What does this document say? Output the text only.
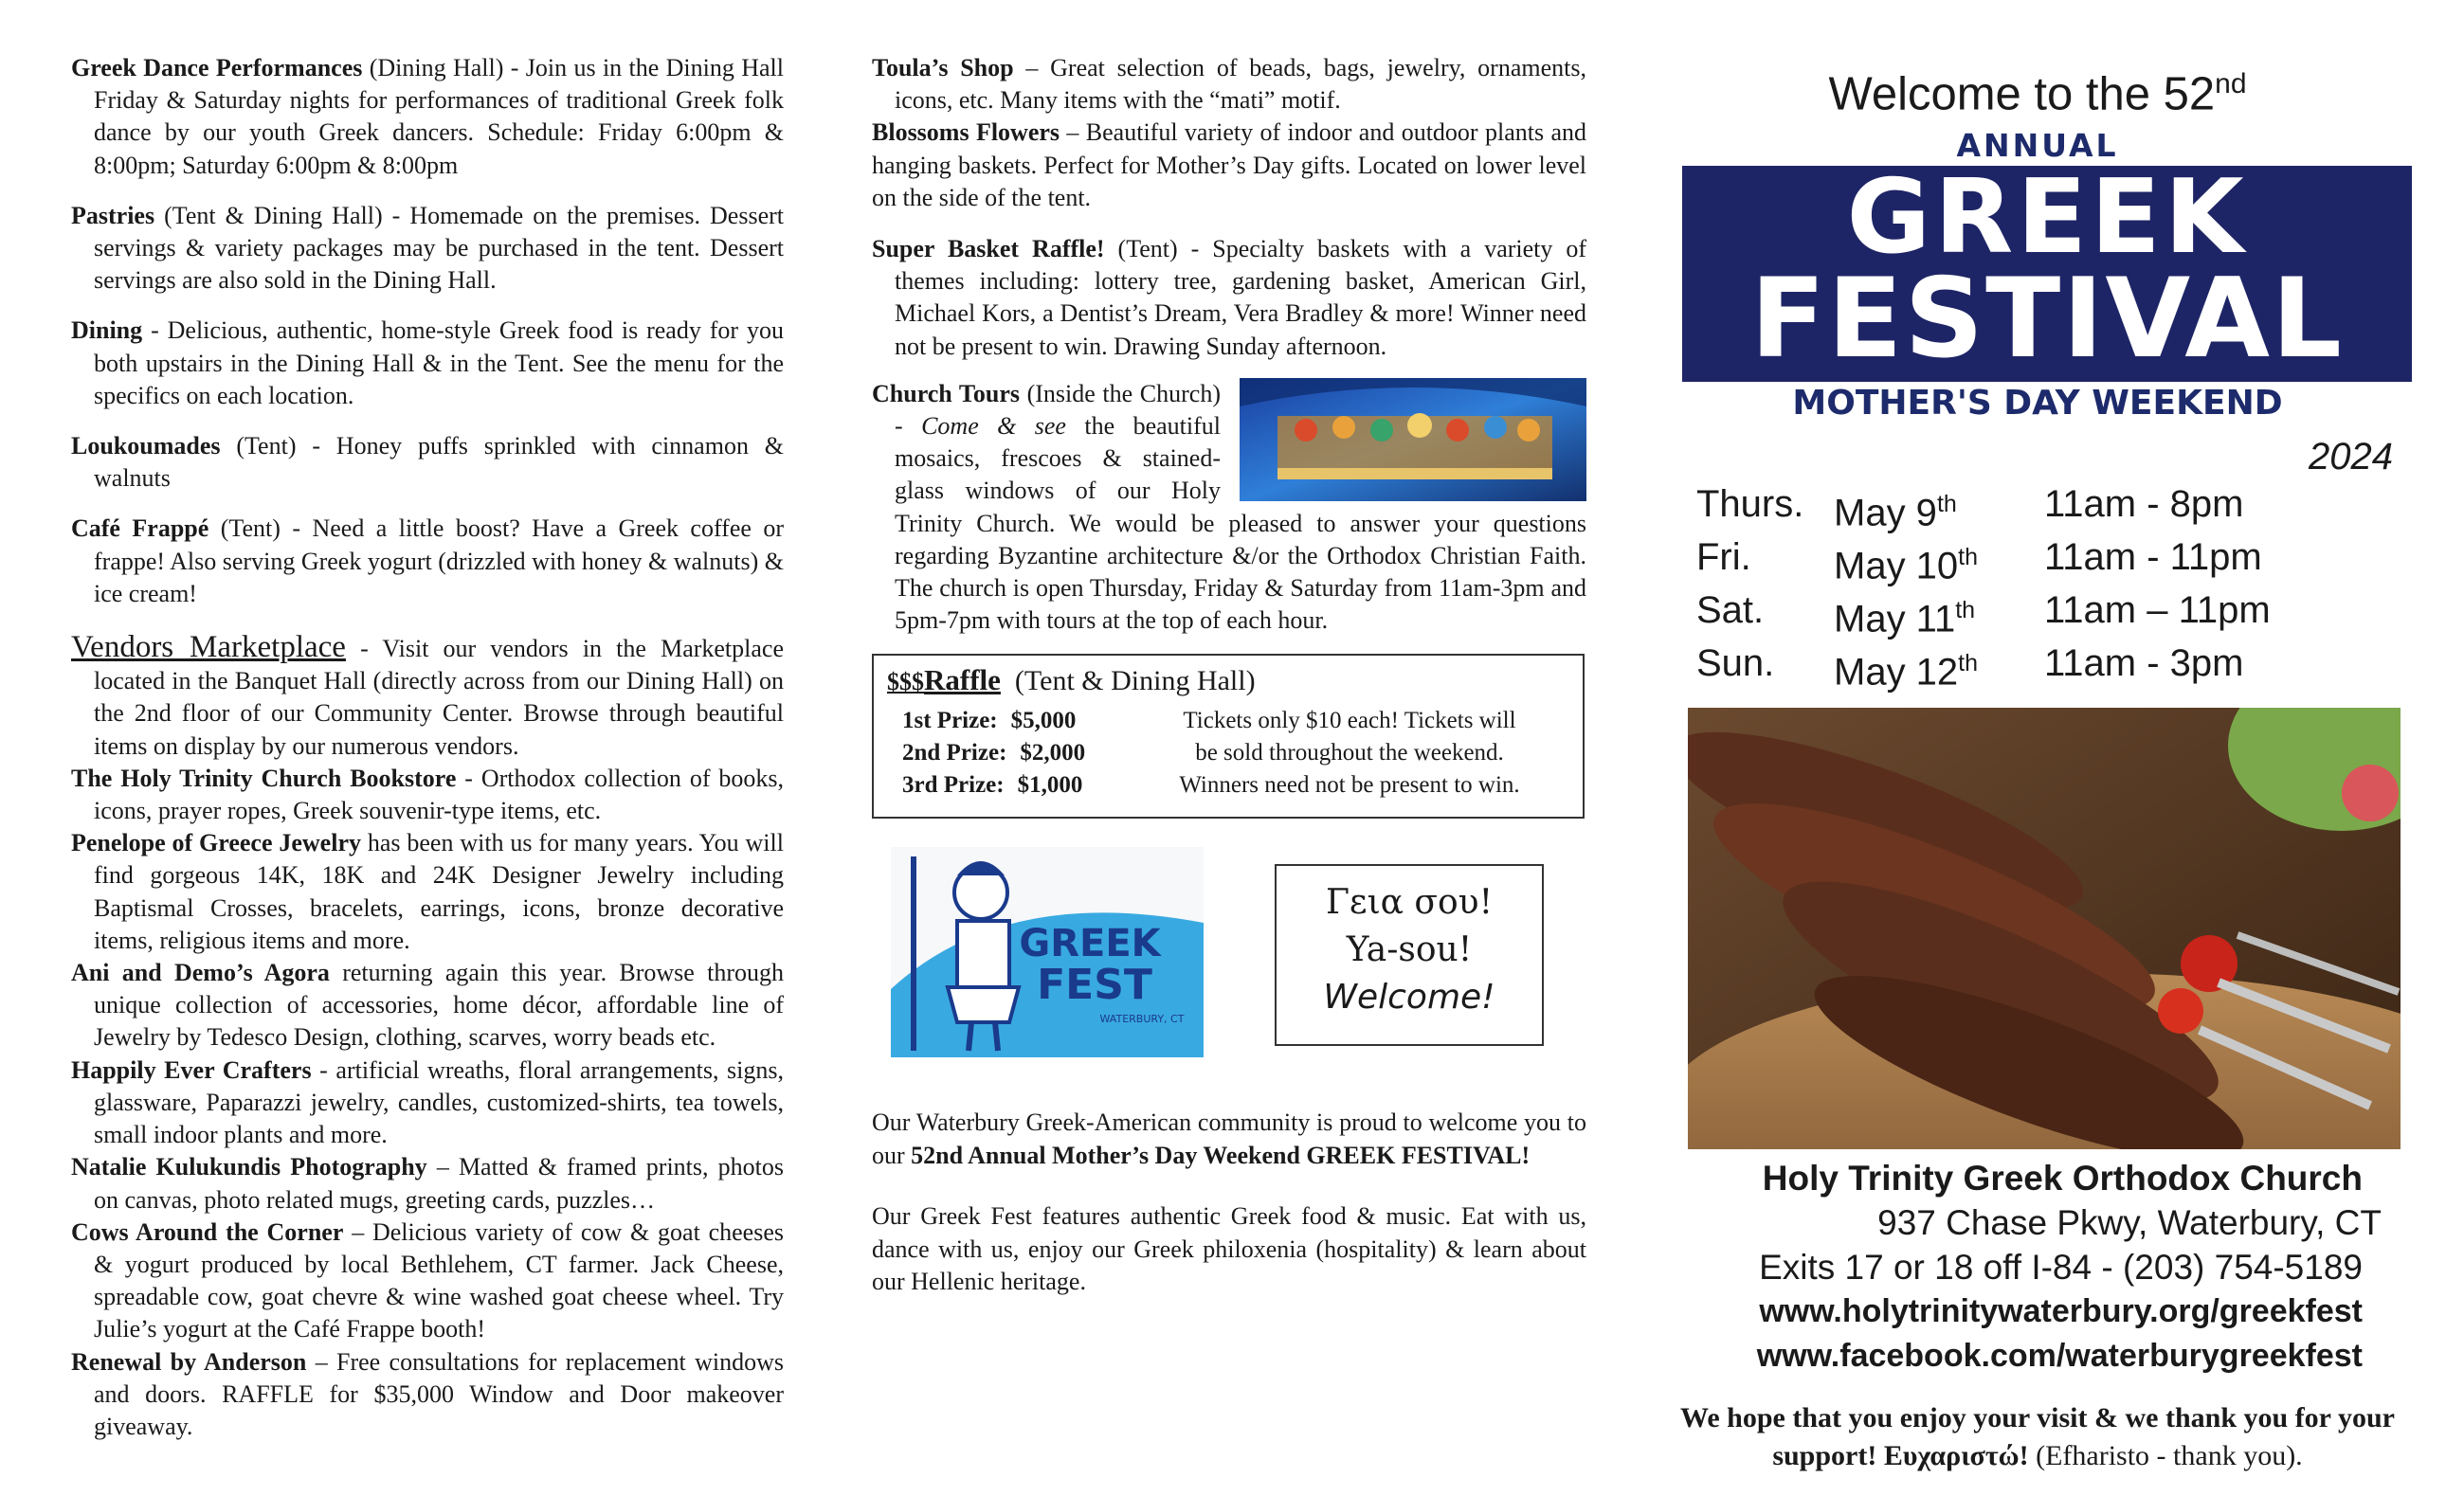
Greek Dance Performances (Dining Hall) - Join us in the Dining Hall Friday & Saturday nights for performances of traditional Greek folk dance by our youth Greek dancers. Schedule: Friday 6:00pm & 8:00pm; Saturday 6:00pm & 8:00pm

Pastries (Tent & Dining Hall) - Homemade on the premises. Dessert servings & variety packages may be purchased in the tent. Dessert servings are also sold in the Dining Hall.

Dining - Delicious, authentic, home-style Greek food is ready for you both upstairs in the Dining Hall & in the Tent. See the menu for the specifics on each location.

Loukoumades (Tent) - Honey puffs sprinkled with cinnamon & walnuts

Café Frappé (Tent) - Need a little boost? Have a Greek coffee or frappe! Also serving Greek yogurt (drizzled with honey & walnuts) & ice cream!

Vendors Marketplace - Visit our vendors in the Marketplace located in the Banquet Hall (directly across from our Dining Hall) on the 2nd floor of our Community Center. Browse through beautiful items on display by our numerous vendors.

The Holy Trinity Church Bookstore - Orthodox collection of books, icons, prayer ropes, Greek souvenir-type items, etc.

Penelope of Greece Jewelry has been with us for many years. You will find gorgeous 14K, 18K and 24K Designer Jewelry including Baptismal Crosses, bracelets, earrings, icons, bronze decorative items, religious items and more.

Ani and Demo’s Agora returning again this year. Browse through unique collection of accessories, home décor, affordable line of Jewelry by Tedesco Design, clothing, scarves, worry beads etc.

Happily Ever Crafters - artificial wreaths, floral arrangements, signs, glassware, Paparazzi jewelry, candles, customized-shirts, tea towels, small indoor plants and more.

Natalie Kulukundis Photography – Matted & framed prints, photos on canvas, photo related mugs, greeting cards, puzzles…

Cows Around the Corner – Delicious variety of cow & goat cheeses & yogurt produced by local Bethlehem, CT farmer. Jack Cheese, spreadable cow, goat chevre & wine washed goat cheese wheel. Try Julie’s yogurt at the Café Frappe booth!

Renewal by Anderson – Free consultations for replacement windows and doors. RAFFLE for $35,000 Window and Door makeover giveaway.

Toula’s Shop – Great selection of beads, bags, jewelry, ornaments, icons, etc. Many items with the “mati” motif.

Blossoms Flowers – Beautiful variety of indoor and outdoor plants and hanging baskets. Perfect for Mother’s Day gifts. Located on lower level on the side of the tent.

Super Basket Raffle! (Tent) - Specialty baskets with a variety of themes including: lottery tree, gardening basket, American Girl, Michael Kors, a Dentist’s Dream, Vera Bradley & more! Winner need not be present to win. Drawing Sunday afternoon.

Church Tours (Inside the Church) - Come & see the beautiful mosaics, frescoes & stained-glass windows of our Holy Trinity Church. We would be pleased to answer your questions regarding Byzantine architecture &/or the Orthodox Christian Faith. The church is open Thursday, Friday & Saturday from 11am-3pm and 5pm-7pm with tours at the top of each hour.

$$$Raffle (Tent & Dining Hall)
1st Prize: $5,000
2nd Prize: $2,000
3rd Prize: $1,000
Tickets only $10 each! Tickets will
be sold throughout the weekend.
Winners need not be present to win.
GREEK
FEST
WATERBURY, CT
Γεια σου!
Ya-sou!
Welcome!

Our Waterbury Greek-American community is proud to welcome you to our 52nd Annual Mother’s Day Weekend GREEK FESTIVAL!

Our Greek Fest features authentic Greek food & music. Eat with us, dance with us, enjoy our Greek philoxenia (hospitality) & learn about our Hellenic heritage.

Welcome to the 52nd
ANNUAL
GREEK
FESTIVAL
MOTHER'S DAY WEEKEND
2024
Thurs. May 9th	11am - 8pm
Fri.	May 10th	11am - 11pm
Sat.	May 11th	11am – 11pm
Sun.	May 12th	11am - 3pm
Holy Trinity Greek Orthodox Church
937 Chase Pkwy, Waterbury, CT
Exits 17 or 18 off I-84 - (203) 754-5189
www.holytrinitywaterbury.org/greekfest
www.facebook.com/waterburygreekfest
We hope that you enjoy your visit & we thank you for your support! Ευχαριστώ! (Efharisto - thank you).
